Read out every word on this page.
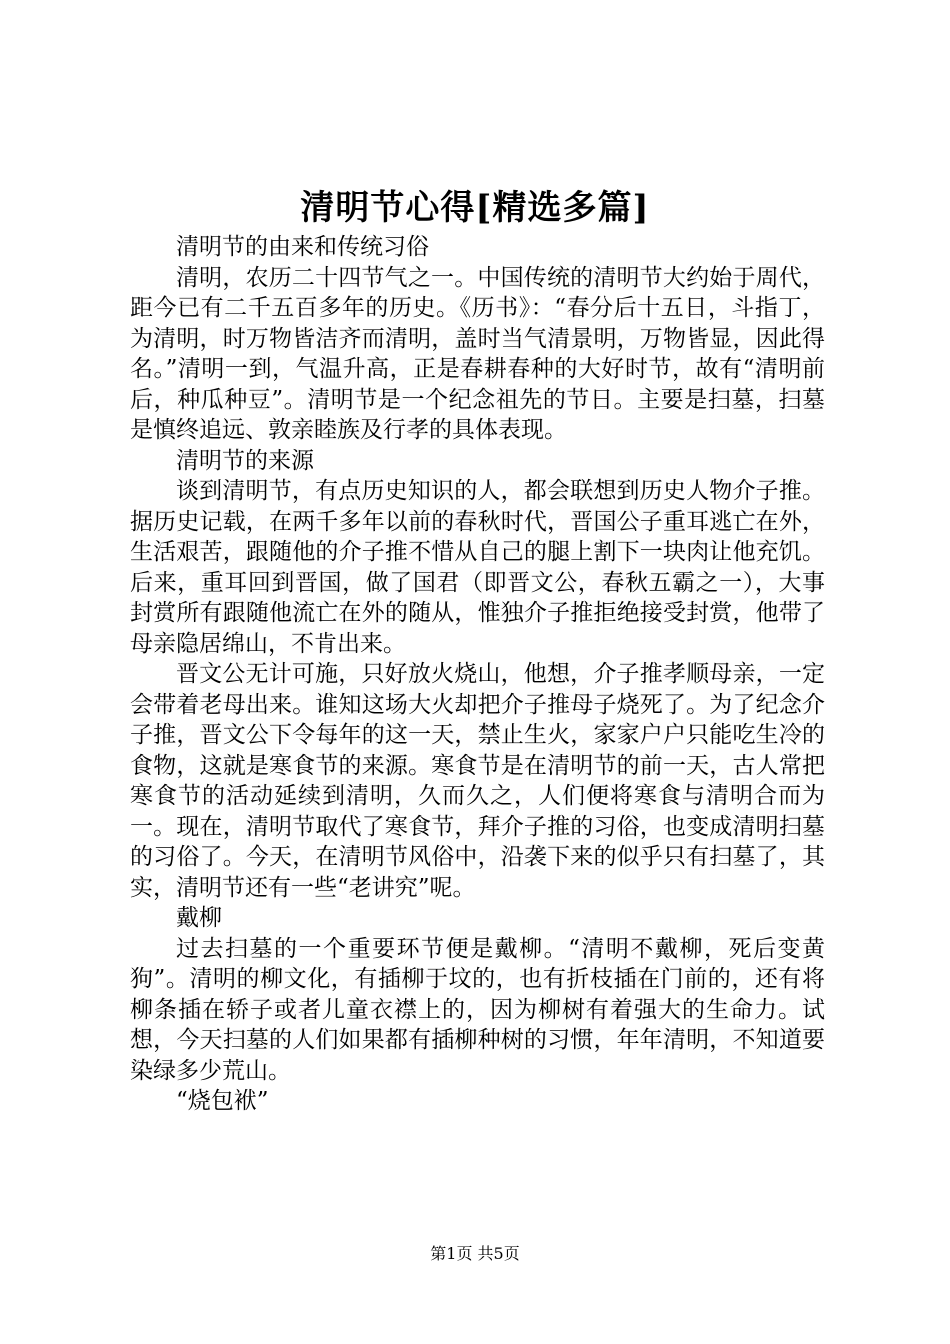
清明节心得[精选多篇]

清明节的由来和传统习俗

清明，农历二十四节气之一。中国传统的清明节大约始于周代，距今已有二千五百多年的历史。《历书》：“春分后十五日，斗指丁，为清明，时万物皆洁齐而清明，盖时当气清景明，万物皆显，因此得名。”清明一到，气温升高，正是春耕春种的大好时节，故有“清明前后，种瓜种豆”。清明节是一个纪念祖先的节日。主要是扫墓，扫墓是慎终追远、敦亲睦族及行孝的具体表现。

清明节的来源

谈到清明节，有点历史知识的人，都会联想到历史人物介子推。据历史记载，在两千多年以前的春秋时代，晋国公子重耳逃亡在外，生活艰苦，跟随他的介子推不惜从自己的腿上割下一块肉让他充饥。后来，重耳回到晋国，做了国君（即晋文公，春秋五霸之一），大事封赏所有跟随他流亡在外的随从，惟独介子推拒绝接受封赏，他带了母亲隐居绵山，不肯出来。

晋文公无计可施，只好放火烧山，他想，介子推孝顺母亲，一定会带着老母出来。谁知这场大火却把介子推母子烧死了。为了纪念介子推，晋文公下令每年的这一天，禁止生火，家家户户只能吃生冷的食物，这就是寒食节的来源。寒食节是在清明节的前一天，古人常把寒食节的活动延续到清明，久而久之，人们便将寒食与清明合而为一。现在，清明节取代了寒食节，拜介子推的习俗，也变成清明扫墓的习俗了。今天，在清明节风俗中，沿袭下来的似乎只有扫墓了，其实，清明节还有一些“老讲究”呢。

戴柳

过去扫墓的一个重要环节便是戴柳。“清明不戴柳，死后变黄狗”。清明的柳文化，有插柳于坟的，也有折枝插在门前的，还有将柳条插在轿子或者儿童衣襟上的，因为柳树有着强大的生命力。试想，今天扫墓的人们如果都有插柳种树的习惯，年年清明，不知道要染绿多少荒山。

“烧包袱”

第1页 共5页
